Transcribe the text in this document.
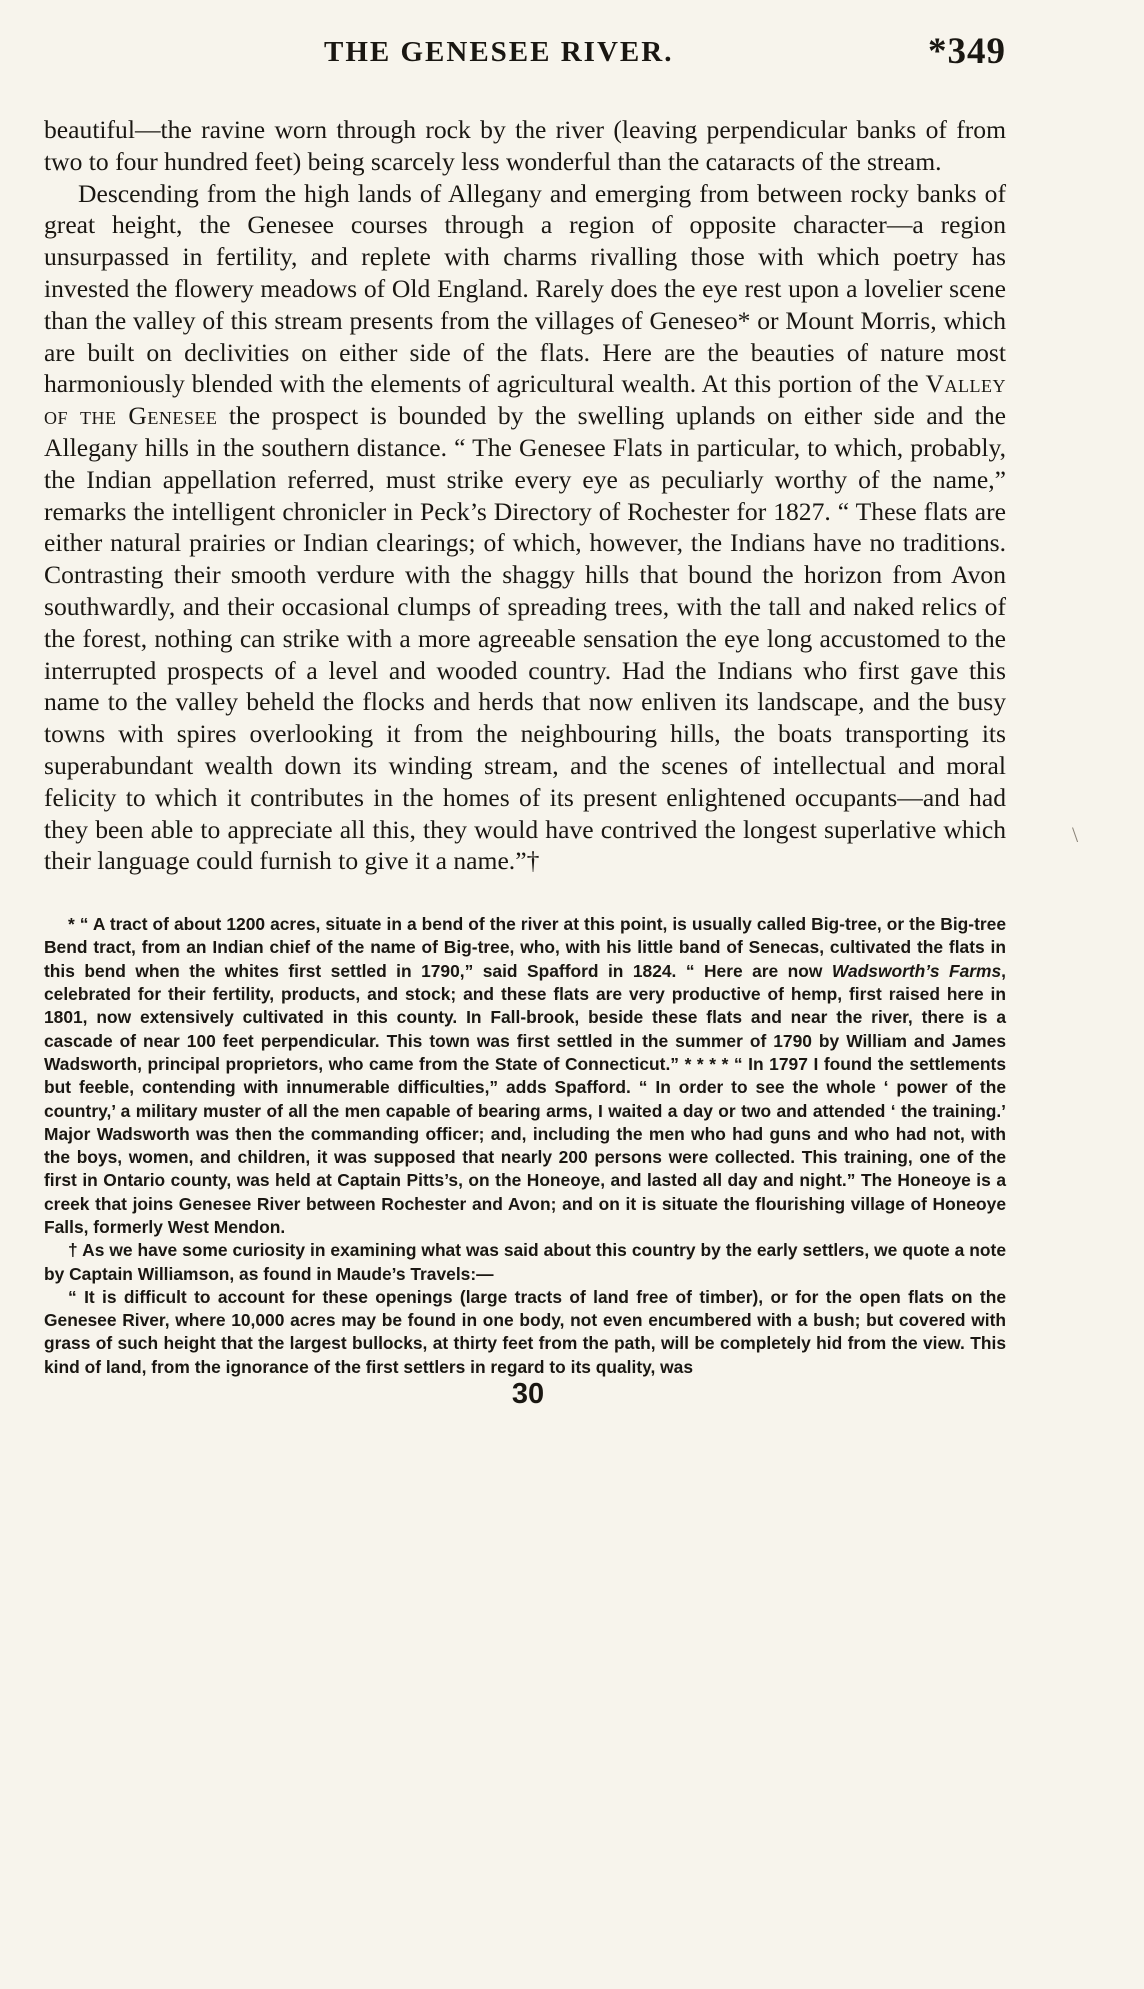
THE GENESEE RIVER.	*349

beautiful—the ravine worn through rock by the river (leaving perpendicular banks of from two to four hundred feet) being scarcely less wonderful than the cataracts of the stream.

Descending from the high lands of Allegany and emerging from between rocky banks of great height, the Genesee courses through a region of opposite character—a region unsurpassed in fertility, and replete with charms rivalling those with which poetry has invested the flowery meadows of Old England. Rarely does the eye rest upon a lovelier scene than the valley of this stream presents from the villages of Geneseo* or Mount Morris, which are built on declivities on either side of the flats. Here are the beauties of nature most harmoniously blended with the elements of agricultural wealth. At this portion of the Valley of the Genesee the prospect is bounded by the swelling uplands on either side and the Allegany hills in the southern distance. “ The Genesee Flats in particular, to which, probably, the Indian appellation referred, must strike every eye as peculiarly worthy of the name,” remarks the intelligent chronicler in Peck’s Directory of Rochester for 1827. “ These flats are either natural prairies or Indian clearings; of which, however, the Indians have no traditions. Contrasting their smooth verdure with the shaggy hills that bound the horizon from Avon southwardly, and their occasional clumps of spreading trees, with the tall and naked relics of the forest, nothing can strike with a more agreeable sensation the eye long accustomed to the interrupted prospects of a level and wooded country. Had the Indians who first gave this name to the valley beheld the flocks and herds that now enliven its landscape, and the busy towns with spires overlooking it from the neighbouring hills, the boats transporting its superabundant wealth down its winding stream, and the scenes of intellectual and moral felicity to which it contributes in the homes of its present enlightened occupants—and had they been able to appreciate all this, they would have contrived the longest superlative which their language could furnish to give it a name.”†

* “ A tract of about 1200 acres, situate in a bend of the river at this point, is usually called Big-tree, or the Big-tree Bend tract, from an Indian chief of the name of Big-tree, who, with his little band of Senecas, cultivated the flats in this bend when the whites first settled in 1790,” said Spafford in 1824. “ Here are now Wadsworth’s Farms, celebrated for their fertility, products, and stock; and these flats are very productive of hemp, first raised here in 1801, now extensively cultivated in this county. In Fall-brook, beside these flats and near the river, there is a cascade of near 100 feet perpendicular. This town was first settled in the summer of 1790 by William and James Wadsworth, principal proprietors, who came from the State of Connecticut.” * * * * “ In 1797 I found the settlements but feeble, contending with innumerable difficulties,” adds Spafford. “ In order to see the whole ‘ power of the country,’ a military muster of all the men capable of bearing arms, I waited a day or two and attended ‘ the training.’ Major Wadsworth was then the commanding officer; and, including the men who had guns and who had not, with the boys, women, and children, it was supposed that nearly 200 persons were collected. This training, one of the first in Ontario county, was held at Captain Pitts’s, on the Honeoye, and lasted all day and night.” The Honeoye is a creek that joins Genesee River between Rochester and Avon; and on it is situate the flourishing village of Honeoye Falls, formerly West Mendon.

† As we have some curiosity in examining what was said about this country by the early settlers, we quote a note by Captain Williamson, as found in Maude’s Travels:—

“ It is difficult to account for these openings (large tracts of land free of timber), or for the open flats on the Genesee River, where 10,000 acres may be found in one body, not even encumbered with a bush; but covered with grass of such height that the largest bullocks, at thirty feet from the path, will be completely hid from the view. This kind of land, from the ignorance of the first settlers in regard to its quality, was

30
\
